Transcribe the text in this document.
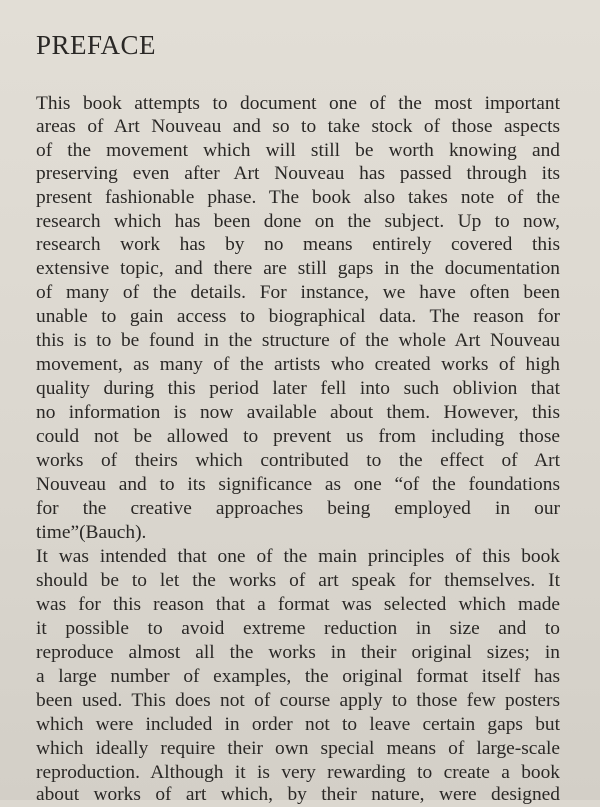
PREFACE
This book attempts to document one of the most important
areas of Art Nouveau and so to take stock of those aspects
of the movement which will still be worth knowing and
preserving even after Art Nouveau has passed through its
present fashionable phase. The book also takes note of the
research which has been done on the subject. Up to now,
research work has by no means entirely covered this
extensive topic, and there are still gaps in the documentation
of many of the details. For instance, we have often been
unable to gain access to biographical data. The reason for
this is to be found in the structure of the whole Art Nouveau
movement, as many of the artists who created works of high
quality during this period later fell into such oblivion that
no information is now available about them. However, this
could not be allowed to prevent us from including those
works of theirs which contributed to the effect of Art
Nouveau and to its significance as one “of the foundations
for the creative approaches being employed in our
time”(Bauch).
It was intended that one of the main principles of this book
should be to let the works of art speak for themselves. It
was for this reason that a format was selected which made
it possible to avoid extreme reduction in size and to
reproduce almost all the works in their original sizes; in
a large number of examples, the original format itself has
been used. This does not of course apply to those few posters
which were included in order not to leave certain gaps but
which ideally require their own special means of large-scale
reproduction. Although it is very rewarding to create a book
about works of art which, by their nature, were designed
